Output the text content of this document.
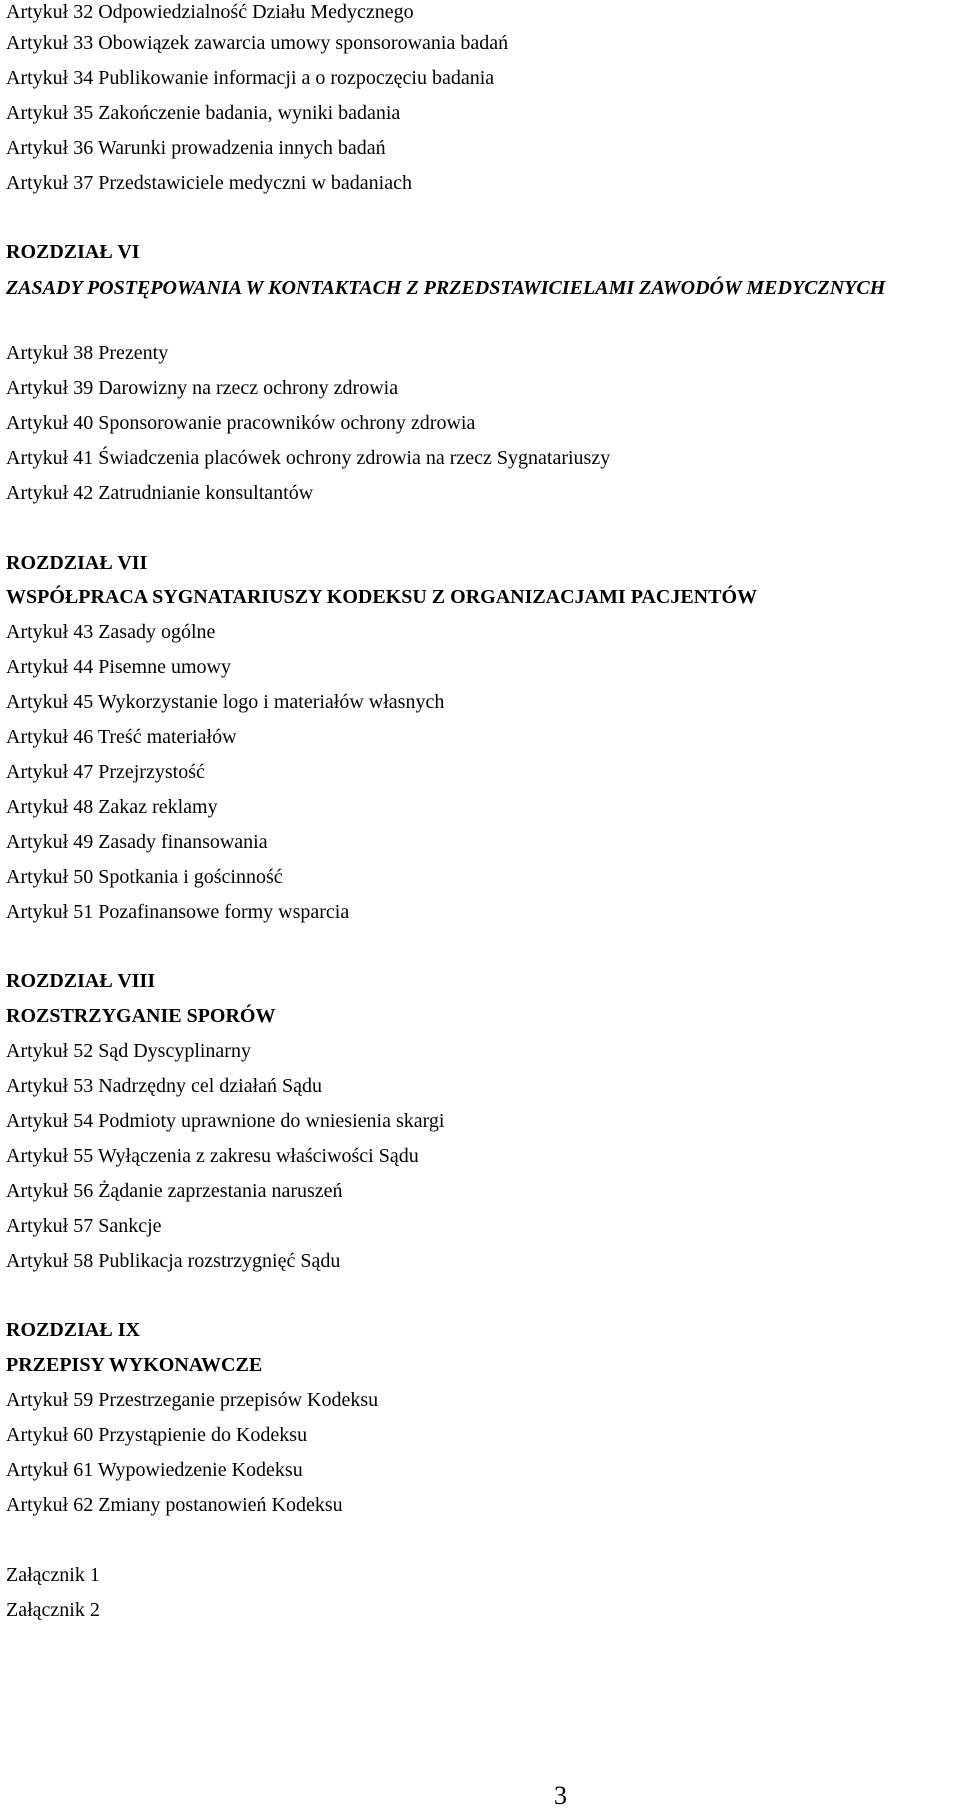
Artykuł 32 Odpowiedzialność Działu Medycznego
Artykuł 33 Obowiązek zawarcia umowy sponsorowania badań
Artykuł 34 Publikowanie informacji a o rozpoczęciu badania
Artykuł 35 Zakończenie badania, wyniki badania
Artykuł 36 Warunki prowadzenia innych badań
Artykuł 37 Przedstawiciele medyczni w badaniach
ROZDZIAŁ VI
ZASADY POSTĘPOWANIA W KONTAKTACH Z PRZEDSTAWICIELAMI ZAWODÓW MEDYCZNYCH
Artykuł 38 Prezenty
Artykuł 39 Darowizny na rzecz ochrony zdrowia
Artykuł 40 Sponsorowanie pracowników ochrony zdrowia
Artykuł 41 Świadczenia placówek ochrony zdrowia na rzecz Sygnatariuszy
Artykuł 42 Zatrudnianie konsultantów
ROZDZIAŁ VII
WSPÓŁPRACA SYGNATARIUSZY KODEKSU Z ORGANIZACJAMI PACJENTÓW
Artykuł 43 Zasady ogólne
Artykuł 44 Pisemne umowy
Artykuł 45 Wykorzystanie logo i materiałów własnych
Artykuł 46 Treść materiałów
Artykuł 47 Przejrzystość
Artykuł 48 Zakaz reklamy
Artykuł 49 Zasady finansowania
Artykuł 50 Spotkania i gościnność
Artykuł 51 Pozafinansowe formy wsparcia
ROZDZIAŁ VIII
ROZSTRZYGANIE SPORÓW
Artykuł 52 Sąd Dyscyplinarny
Artykuł 53 Nadrzędny cel działań Sądu
Artykuł 54 Podmioty uprawnione do wniesienia skargi
Artykuł 55 Wyłączenia z zakresu właściwości Sądu
Artykuł 56 Żądanie zaprzestania naruszeń
Artykuł 57 Sankcje
Artykuł 58 Publikacja rozstrzygnięć Sądu
ROZDZIAŁ IX
PRZEPISY WYKONAWCZE
Artykuł 59 Przestrzeganie przepisów Kodeksu
Artykuł 60 Przystąpienie do Kodeksu
Artykuł 61 Wypowiedzenie Kodeksu
Artykuł 62 Zmiany postanowień Kodeksu
Załącznik 1
Załącznik 2
3
